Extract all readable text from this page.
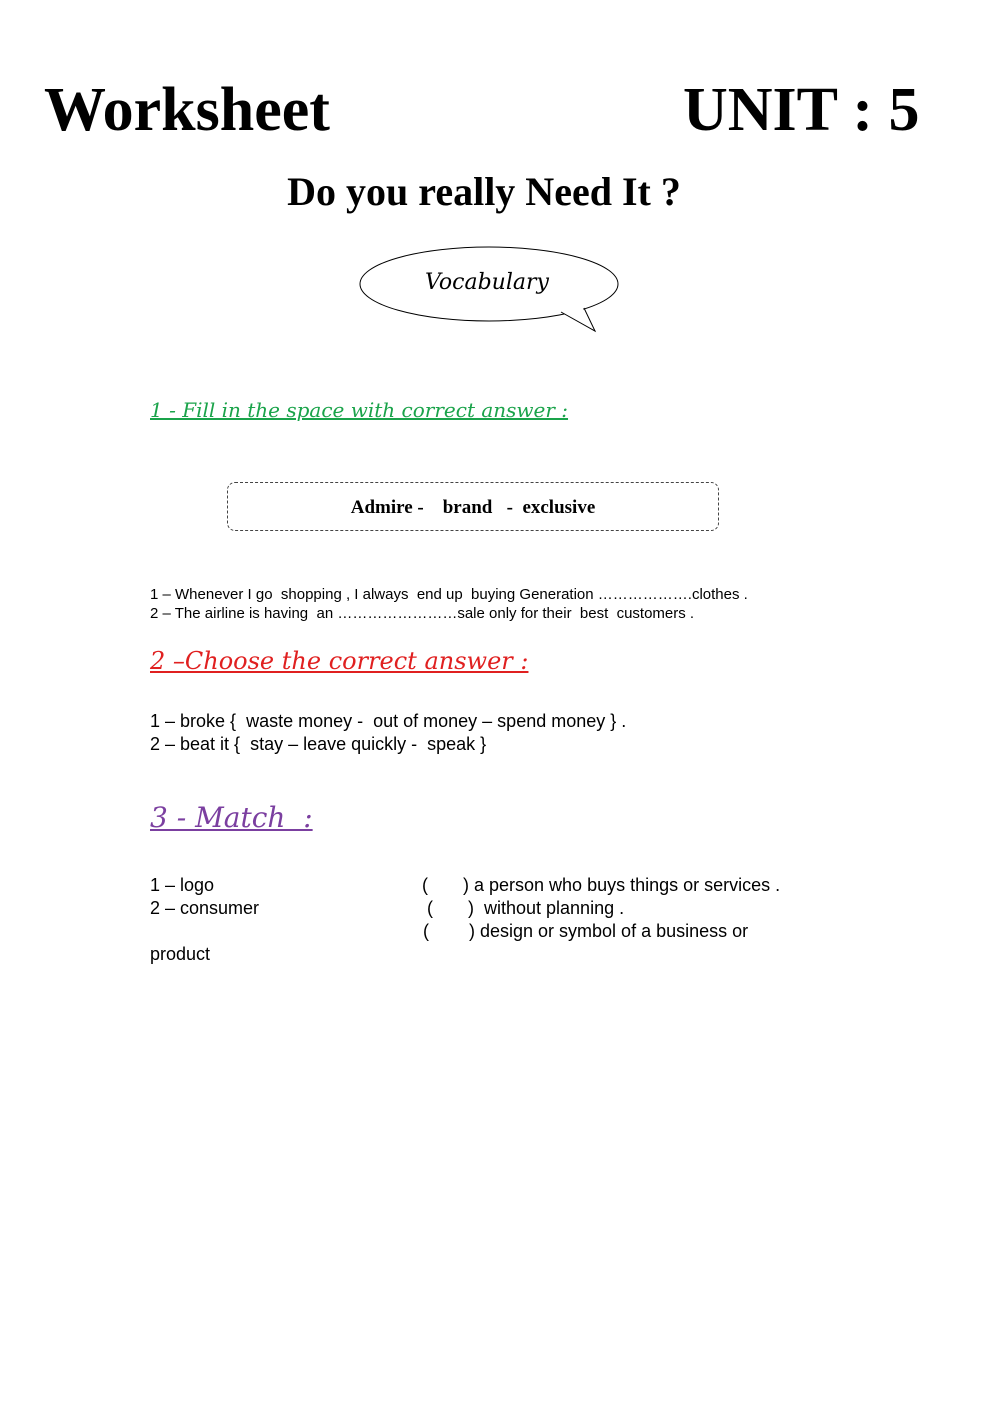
Worksheet	UNIT : 5
Do you really Need It ?
Vocabulary
1 - Fill in the space with correct answer :
Admire -    brand   -  exclusive
1 – Whenever I go  shopping , I always  end up  buying Generation ……………….clothes .
2 – The airline is having  an ……………………sale only for their  best  customers .
2 –Choose the correct answer :
1 – broke {  waste money -  out of money – spend money } .
2 – beat it {  stay – leave quickly -  speak }
3 - Match  :
1 – logo
2 – consumer
(       ) a person who buys things or services .
(       )  without planning .
(        ) design or symbol of a business or
product
